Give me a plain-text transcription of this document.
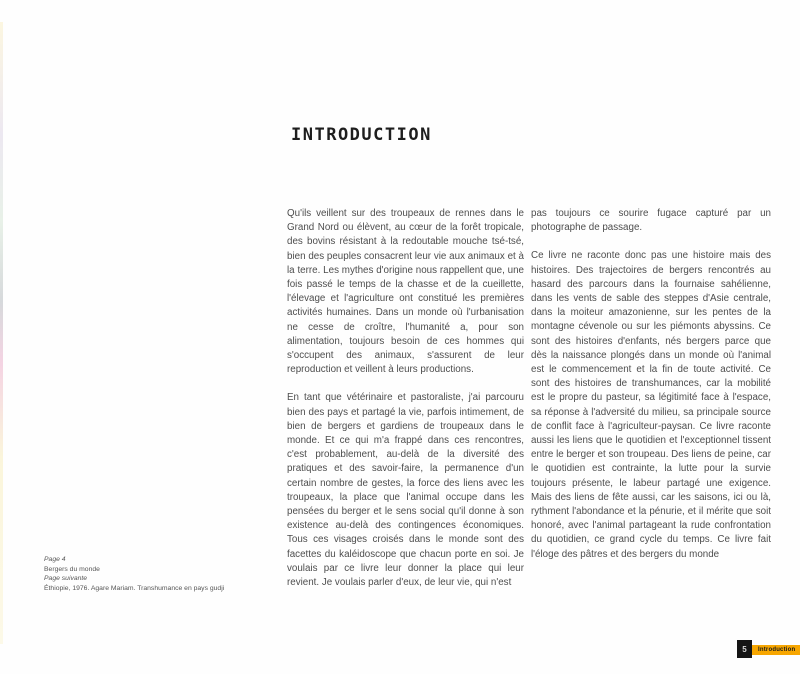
INTRODUCTION

Qu'ils veillent sur des troupeaux de rennes dans le Grand Nord ou élèvent, au cœur de la forêt tropicale, des bovins résistant à la redoutable mouche tsé-tsé, bien des peuples consacrent leur vie aux animaux et à la terre. Les mythes d'origine nous rappellent que, une fois passé le temps de la chasse et de la cueillette, l'élevage et l'agriculture ont constitué les premières activités humaines. Dans un monde où l'urbanisation ne cesse de croître, l'humanité a, pour son alimentation, toujours besoin de ces hommes qui s'occupent des animaux, s'assurent de leur reproduction et veillent à leurs productions.

En tant que vétérinaire et pastoraliste, j'ai parcouru bien des pays et partagé la vie, parfois intimement, de bien de bergers et gardiens de troupeaux dans le monde. Et ce qui m'a frappé dans ces rencontres, c'est probablement, au-delà de la diversité des pratiques et des savoir-faire, la permanence d'un certain nombre de gestes, la force des liens avec les troupeaux, la place que l'animal occupe dans les pensées du berger et le sens social qu'il donne à son existence au-delà des contingences économiques. Tous ces visages croisés dans le monde sont des facettes du kaléidoscope que chacun porte en soi. Je voulais par ce livre leur donner la place qui leur revient. Je voulais parler d'eux, de leur vie, qui n'est

pas toujours ce sourire fugace capturé par un photographe de passage.

Ce livre ne raconte donc pas une histoire mais des histoires. Des trajectoires de bergers rencontrés au hasard des parcours dans la fournaise sahélienne, dans les vents de sable des steppes d'Asie centrale, dans la moiteur amazonienne, sur les pentes de la montagne cévenole ou sur les piémonts abyssins. Ce sont des histoires d'enfants, nés bergers parce que dès la naissance plongés dans un monde où l'animal est le commencement et la fin de toute activité. Ce sont des histoires de transhumances, car la mobilité est le propre du pasteur, sa légitimité face à l'espace, sa réponse à l'adversité du milieu, sa principale source de conflit face à l'agriculteur-paysan. Ce livre raconte aussi les liens que le quotidien et l'exceptionnel tissent entre le berger et son troupeau. Des liens de peine, car le quotidien est contrainte, la lutte pour la survie toujours présente, le labeur partagé une exigence. Mais des liens de fête aussi, car les saisons, ici ou là, rythment l'abondance et la pénurie, et il mérite que soit honoré, avec l'animal partageant la rude confrontation du quotidien, ce grand cycle du temps. Ce livre fait l'éloge des pâtres et des bergers du monde

Page 4
Bergers du monde
Page suivante
Éthiopie, 1976. Agare Mariam. Transhumance en pays gudji
5	Introduction
